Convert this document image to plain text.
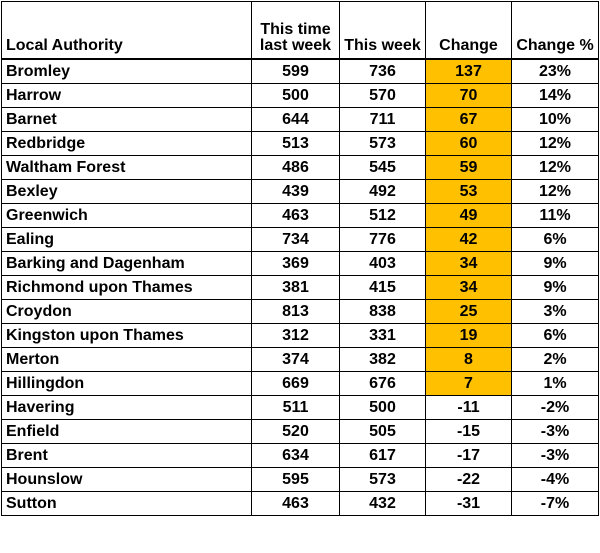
Local Authority	This time last week	This week	Change	Change %
Bromley	599	736	137	23%
Harrow	500	570	70	14%
Barnet	644	711	67	10%
Redbridge	513	573	60	12%
Waltham Forest	486	545	59	12%
Bexley	439	492	53	12%
Greenwich	463	512	49	11%
Ealing	734	776	42	6%
Barking and Dagenham	369	403	34	9%
Richmond upon Thames	381	415	34	9%
Croydon	813	838	25	3%
Kingston upon Thames	312	331	19	6%
Merton	374	382	8	2%
Hillingdon	669	676	7	1%
Havering	511	500	-11	-2%
Enfield	520	505	-15	-3%
Brent	634	617	-17	-3%
Hounslow	595	573	-22	-4%
Sutton	463	432	-31	-7%
